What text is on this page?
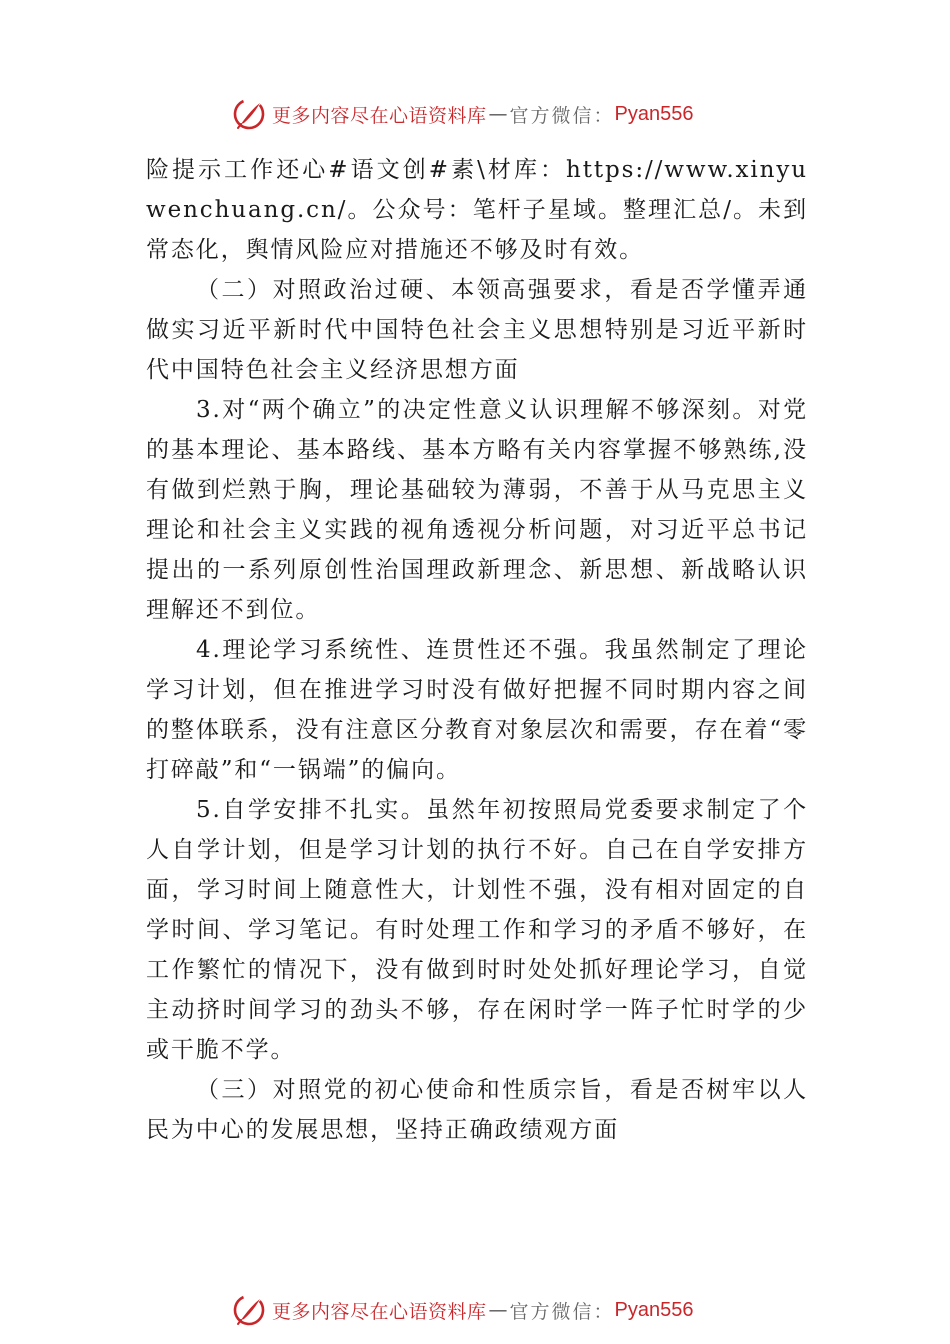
更多内容尽在心语资料库 — 官方微信： Pyan556

险提示工作还心#语文创#素\材库：https://www.xinyuwenchuang.cn/。公众号：笔杆子星域。整理汇总/。未到常态化，舆情风险应对措施还不够及时有效。

（二）对照政治过硬、本领高强要求，看是否学懂弄通做实习近平新时代中国特色社会主义思想特别是习近平新时代中国特色社会主义经济思想方面

3.对“两个确立”的决定性意义认识理解不够深刻。对党的基本理论、基本路线、基本方略有关内容掌握不够熟练,没有做到烂熟于胸，理论基础较为薄弱，不善于从马克思主义理论和社会主义实践的视角透视分析问题，对习近平总书记提出的一系列原创性治国理政新理念、新思想、新战略认识理解还不到位。

4.理论学习系统性、连贯性还不强。我虽然制定了理论学习计划，但在推进学习时没有做好把握不同时期内容之间的整体联系，没有注意区分教育对象层次和需要，存在着“零打碎敲”和“一锅端”的偏向。

5.自学安排不扎实。虽然年初按照局党委要求制定了个人自学计划，但是学习计划的执行不好。自己在自学安排方面，学习时间上随意性大，计划性不强，没有相对固定的自学时间、学习笔记。有时处理工作和学习的矛盾不够好，在工作繁忙的情况下，没有做到时时处处抓好理论学习，自觉主动挤时间学习的劲头不够，存在闲时学一阵子忙时学的少或干脆不学。

（三）对照党的初心使命和性质宗旨，看是否树牢以人民为中心的发展思想，坚持正确政绩观方面

更多内容尽在心语资料库 — 官方微信： Pyan556
